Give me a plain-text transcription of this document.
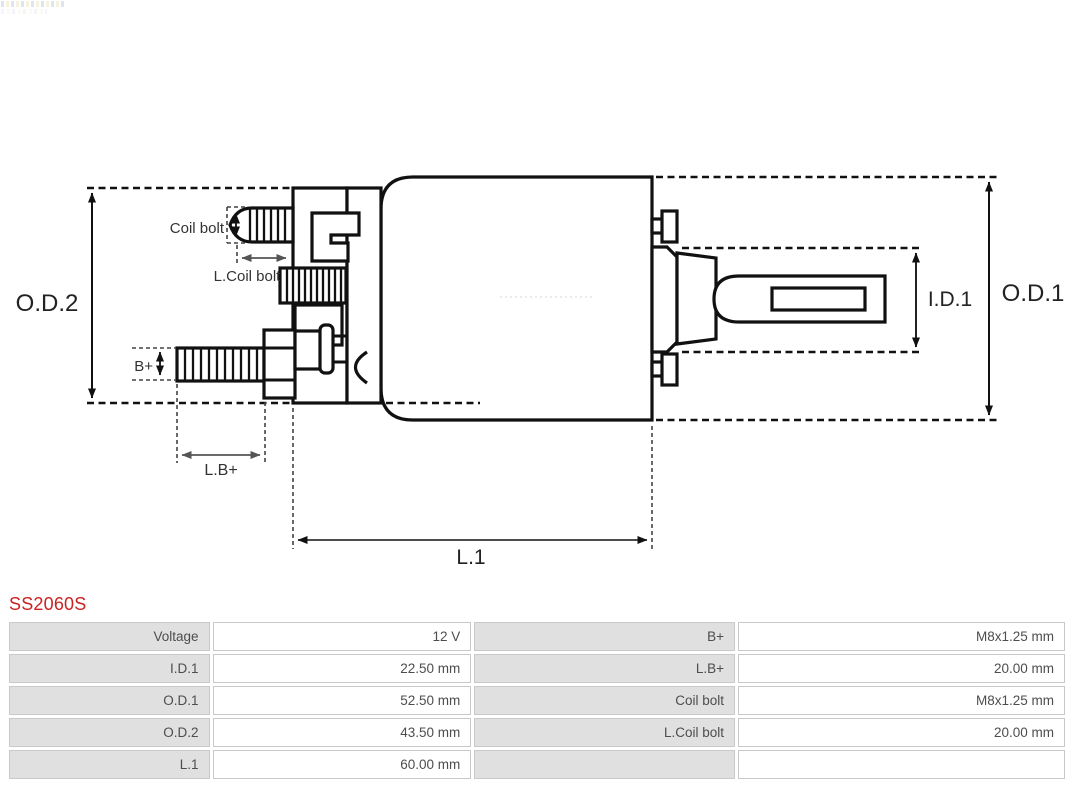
O.D.2	O.D.1
I.D.1
Coil bolt
L.Coil bolt
B+
L.B+
L.1
SS2060S
Voltage	12 V	B+	M8x1.25 mm
I.D.1	22.50 mm	L.B+	20.00 mm
O.D.1	52.50 mm	Coil bolt	M8x1.25 mm
O.D.2	43.50 mm	L.Coil bolt	20.00 mm
L.1	60.00 mm		
